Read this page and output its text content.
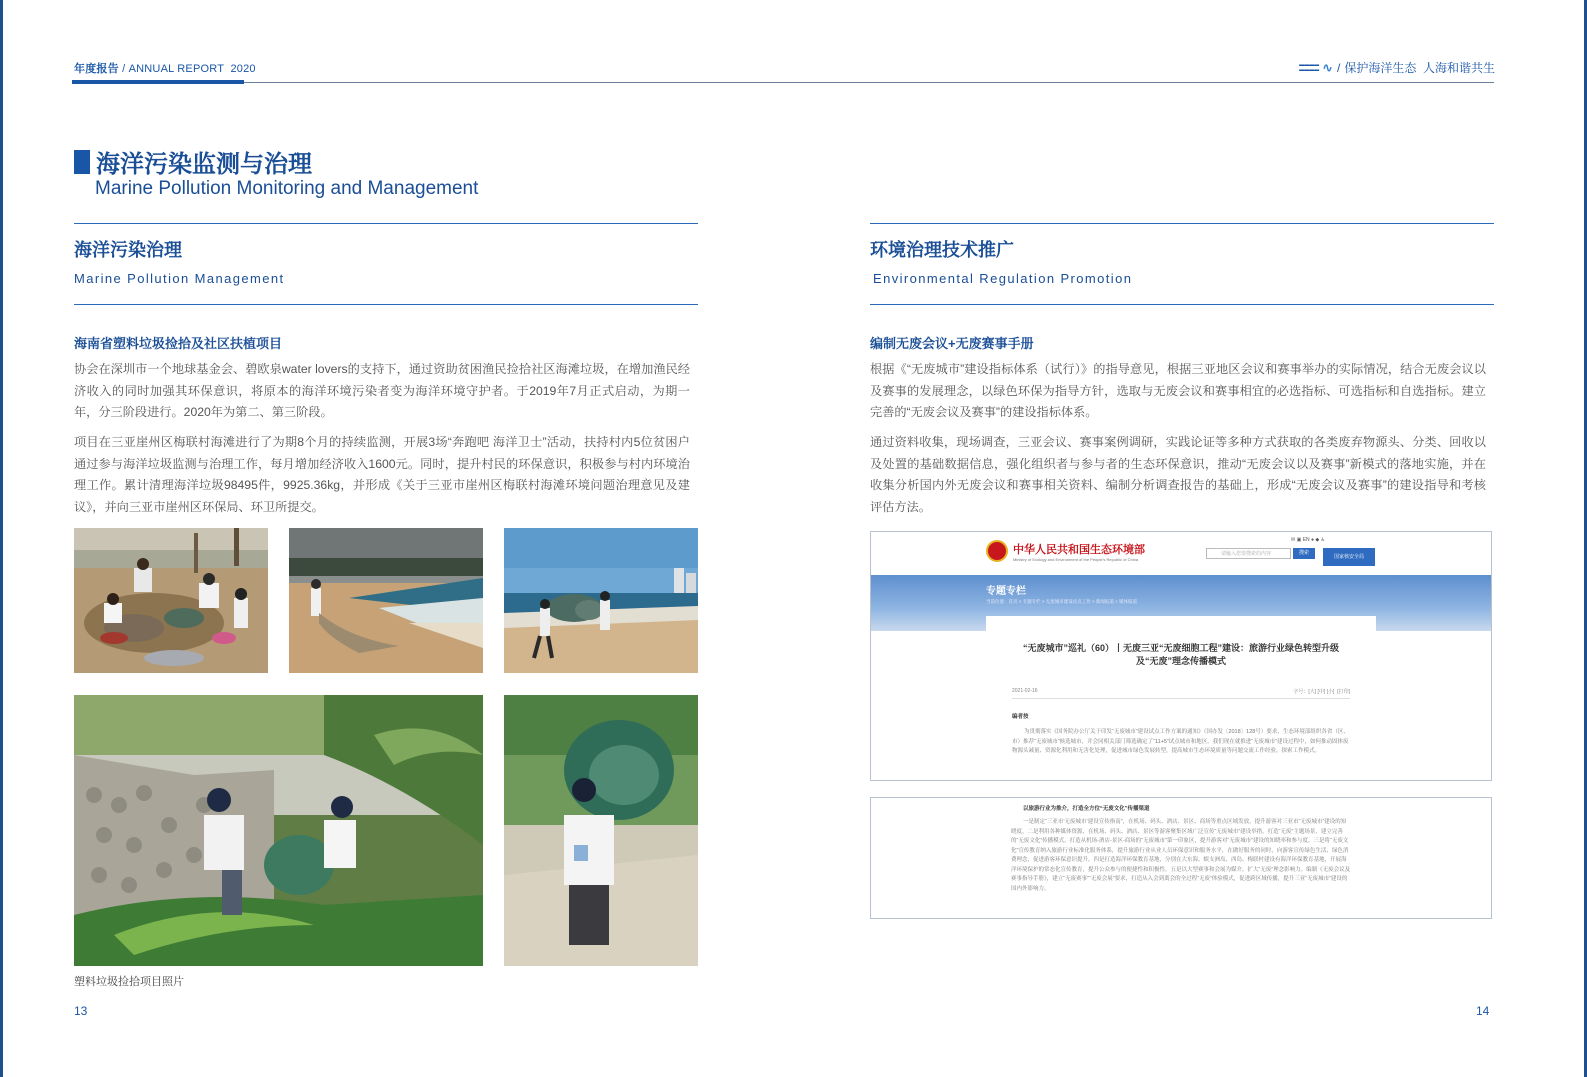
年度报告 / ANNUAL REPORT 2020	▬▬▬▬
▬▬▬▬ ∿ / 保护海洋生态  人海和谐共生
海洋污染监测与治理
Marine Pollution Monitoring and Management
海洋污染治理
Marine Pollution Management
海南省塑料垃圾捡拾及社区扶植项目
协会在深圳市一个地球基金会、碧欧泉water lovers的支持下，通过资助贫困渔民捡拾社区海滩垃圾，在增加渔民经济收入的同时加强其环保意识，将原本的海洋环境污染者变为海洋环境守护者。于2019年7月正式启动，为期一年，分三阶段进行。2020年为第二、第三阶段。
项目在三亚崖州区梅联村海滩进行了为期8个月的持续监测，开展3场“奔跑吧 海洋卫士”活动，扶持村内5位贫困户通过参与海洋垃圾监测与治理工作，每月增加经济收入1600元。同时，提升村民的环保意识，积极参与村内环境治理工作。累计清理海洋垃圾98495件，9925.36kg，并形成《关于三亚市崖州区梅联村海滩环境问题治理意见及建议》，并向三亚市崖州区环保局、环卫所提交。
塑料垃圾捡拾项目照片
13
环境治理技术推广
Environmental Regulation Promotion
编制无废会议+无废赛事手册
根据《“无废城市”建设指标体系（试行）》的指导意见，根据三亚地区会议和赛事举办的实际情况，结合无废会议以及赛事的发展理念，以绿色环保为指导方针，选取与无废会议和赛事相宜的必选指标、可选指标和自选指标。建立完善的“无废会议及赛事”的建设指标体系。
通过资料收集，现场调查，三亚会议、赛事案例调研，实践论证等多种方式获取的各类废弃物源头、分类、回收以及处置的基础数据信息，强化组织者与参与者的生态环保意识，推动“无废会议以及赛事”新模式的落地实施，并在收集分析国内外无废会议和赛事相关资料、编制分析调查报告的基础上，形成“无废会议及赛事”的建设指导和考核评估方法。
中华人民共和国生态环境部
Ministry of Ecology and Environment of the People's Republic of China
✉ ▣ EN ● ◆ ♿
请输入您要搜索的内容	搜索
国家核安全局
专题专栏
当前位置：首页 > 专题专栏 > 无废城市建设试点工作 > 新闻报道 > 媒体报道
“无废城市”巡礼（60）丨无废三亚“无废细胞工程”建设：旅游行业绿色转型升级及“无废”理念传播模式
2021-02-16	字号：[大] [中] [小] [打印]
编者按
为贯彻落实《国务院办公厅关于印发“无废城市”建设试点工作方案的通知》（国办发〔2018〕128号）要求，生态环境部组织各省（区、市）推荐“无废城市”候选城市，并会同相关部门筛选确定了“11+5”试点城市和地区。我们现在就推进“无废城市”建设过程中，如何推动固体废物源头减量、资源化利用和无害化处理，促进城市绿色发展转型，提高城市生态环境质量等问题交流工作经验，探索工作模式。
以旅游行业为推介，打造全方位“无废文化”传播渠道
一是制定“三亚市‘无废城市’建设宣传指南”，在机场、码头、酒店、景区、商场等重点区域发放，提升游客对三亚市“无废城市”建设的知晓度。二是利用各种媒体资源，在机场、码头、酒店、景区等游客聚集区域广泛宣传“无废城市”建设举措，打造“无废”主题场景，建立完善的“无废文化”传播模式。打造从机场-酒店-景区-商场的“无废城市”第一印象区，提升游客对“无废城市”建设的知晓率和参与度。三是将“无废文化”宣传教育纳入旅游行业标准化服务体系，提升旅游行业从业人员环保意识和服务水平，在做好服务的同时，向游客宣传绿色生活、绿色消费理念，促进游客环保意识提升。四是打造海洋环保教育基地，分别在大东海、蜈支洲岛、西岛、梅联村建设有海洋环保教育基地，开展海洋环境保护的常态化宣传教育，提升公众参与的便捷性和积极性。五是以大型赛事和会展为媒介，扩大“无废”理念影响力。编制《无废会议及赛事指导手册》，建立“无废赛事”“无废会展”要求，打造从入会到离会的全过程“无废”体验模式，促进跨区域传播，提升三亚“无废城市”建设的国内外影响力。
14
